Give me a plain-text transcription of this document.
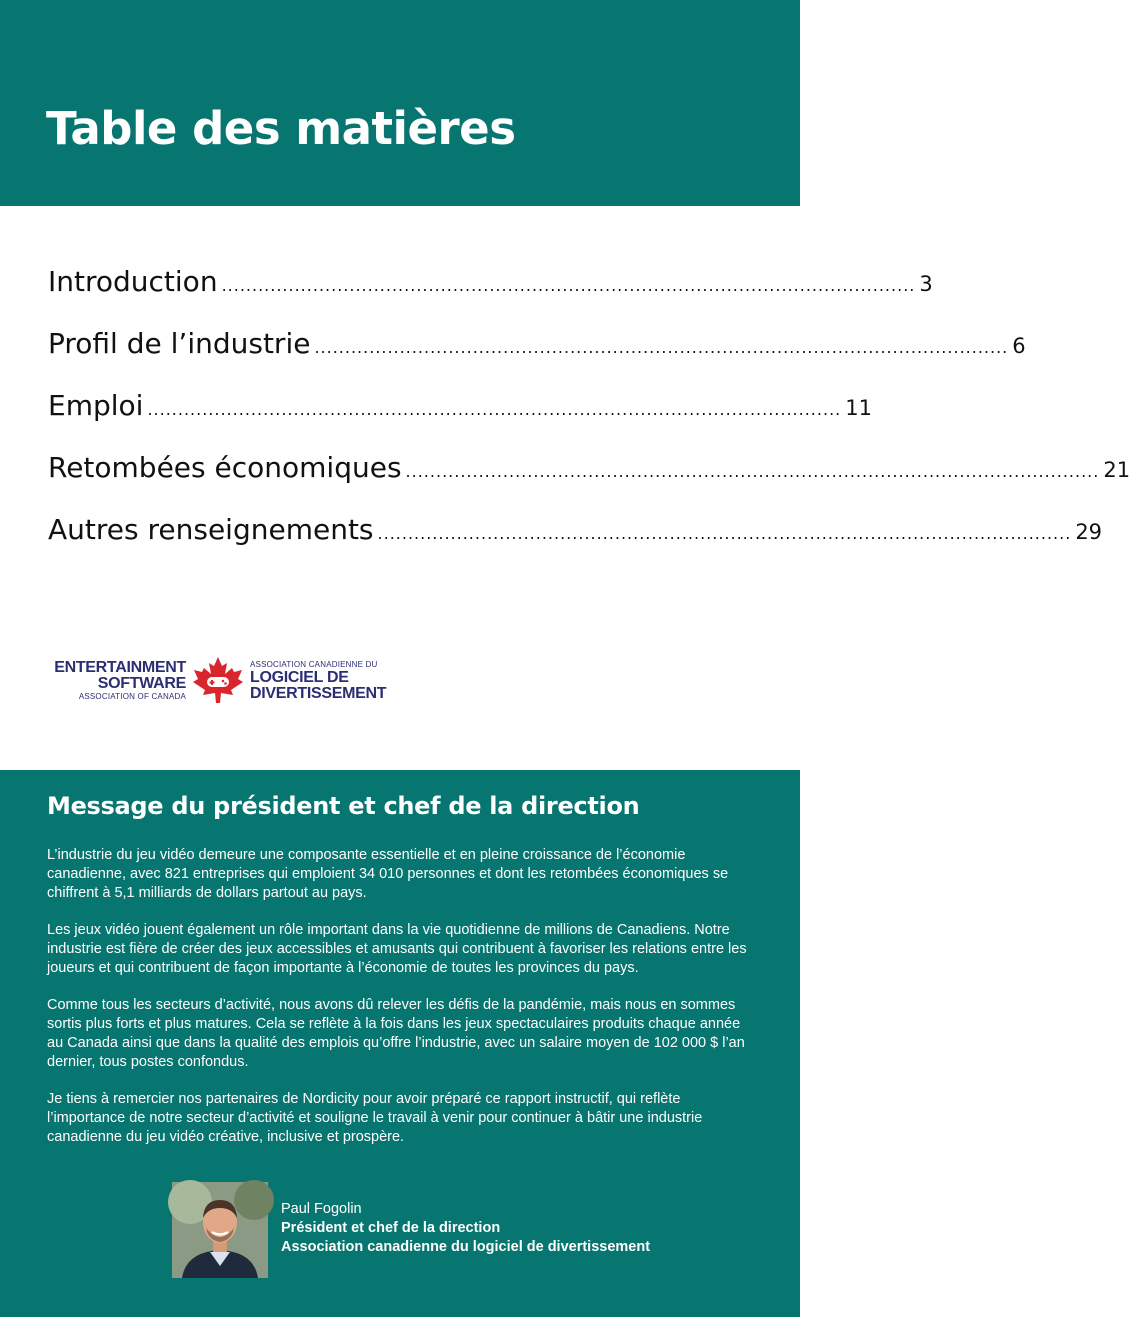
Table des matières
Introduction .................................................................................................................. 3
Profil de l’industrie .................................................................................................................. 6
Emploi .................................................................................................................. 11
Retombées économiques .................................................................................................................. 21
Autres renseignements .................................................................................................................. 29
ENTERTAINMENT
SOFTWARE
ASSOCIATION OF CANADA
ASSOCIATION CANADIENNE DU
LOGICIEL DE
DIVERTISSEMENT
Message du président et chef de la direction

L’industrie du jeu vidéo demeure une composante essentielle et en pleine croissance de l’économie canadienne, avec 821 entreprises qui emploient 34 010 personnes et dont les retombées économiques se chiffrent à 5,1 milliards de dollars partout au pays.

Les jeux vidéo jouent également un rôle important dans la vie quotidienne de millions de Canadiens. Notre industrie est fière de créer des jeux accessibles et amusants qui contribuent à favoriser les relations entre les joueurs et qui contribuent de façon importante à l’économie de toutes les provinces du pays.

Comme tous les secteurs d’activité, nous avons dû relever les défis de la pandémie, mais nous en sommes sortis plus forts et plus matures. Cela se reflète à la fois dans les jeux spectaculaires produits chaque année au Canada ainsi que dans la qualité des emplois qu’offre l’industrie, avec un salaire moyen de 102 000 $ l’an dernier, tous postes confondus.

Je tiens à remercier nos partenaires de Nordicity pour avoir préparé ce rapport instructif, qui reflète l’importance de notre secteur d’activité et souligne le travail à venir pour continuer à bâtir une industrie canadienne du jeu vidéo créative, inclusive et prospère.

Paul Fogolin
Président et chef de la direction
Association canadienne du logiciel de divertissement
